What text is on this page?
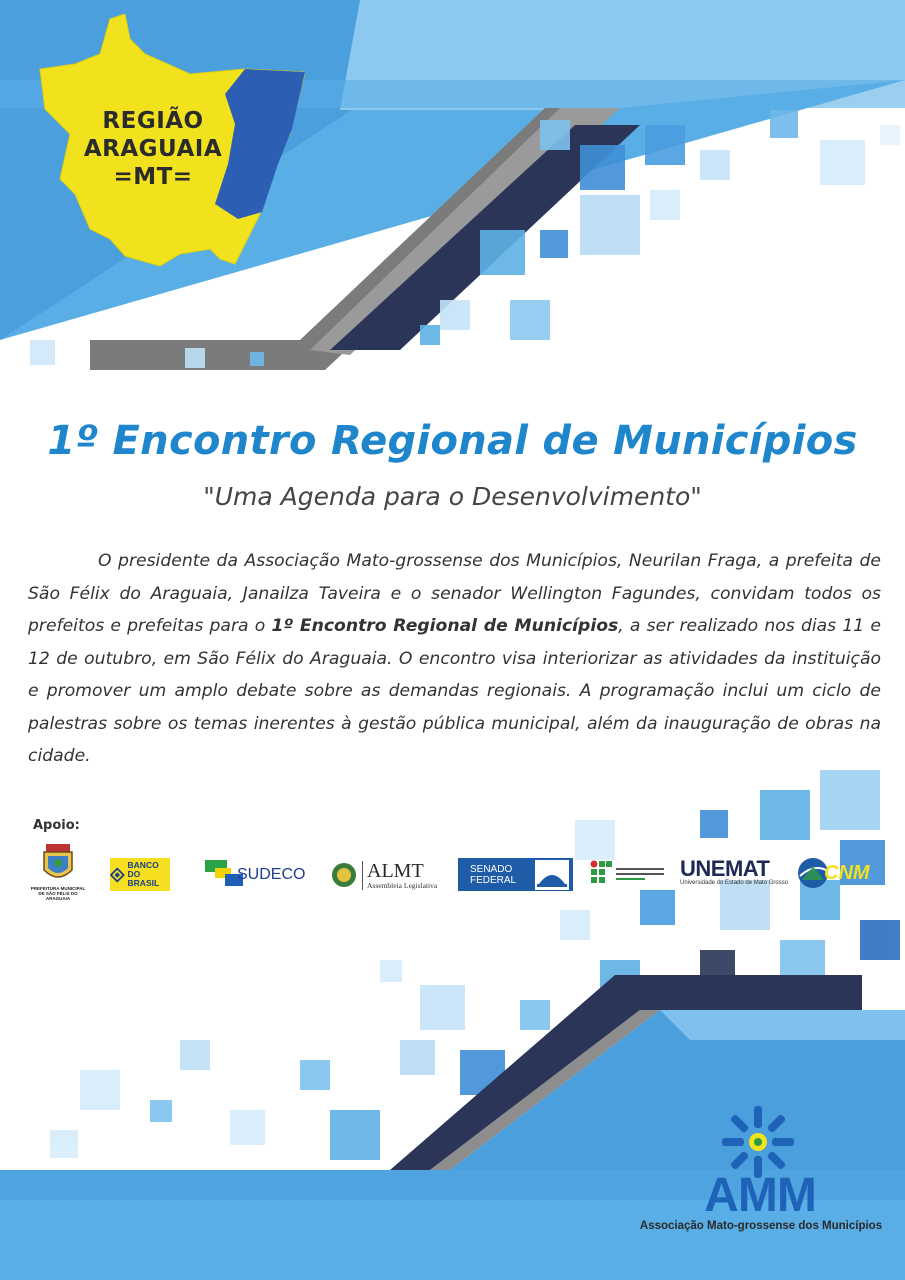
REGIÃO
ARAGUAIA
=MT=
1º Encontro Regional de Municípios
"Uma Agenda para o Desenvolvimento"

O presidente da Associação Mato-grossense dos Municípios, Neurilan Fraga, a prefeita de São Félix do Araguaia, Janailza Taveira e o senador Wellington Fagundes, convidam todos os prefeitos e prefeitas para o 1º Encontro Regional de Municípios, a ser realizado nos dias 11 e 12 de outubro, em São Félix do Araguaia. O encontro visa interiorizar as atividades da instituição e promover um amplo debate sobre as demandas regionais. A programação inclui um ciclo de palestras sobre os temas inerentes à gestão pública municipal, além da inauguração de obras na cidade.

Apoio:
PREFEITURA MUNICIPAL DE SÃO FÉLIX DO ARAGUAIA
BANCO
DO BRASIL
SUDECO	ALMT
Assembleia Legislativa
SENADO
FEDERAL	UNEMAT
Universidade do Estado de Mato Grosso CNM
AMM
Associação Mato-grossense dos Municípios
